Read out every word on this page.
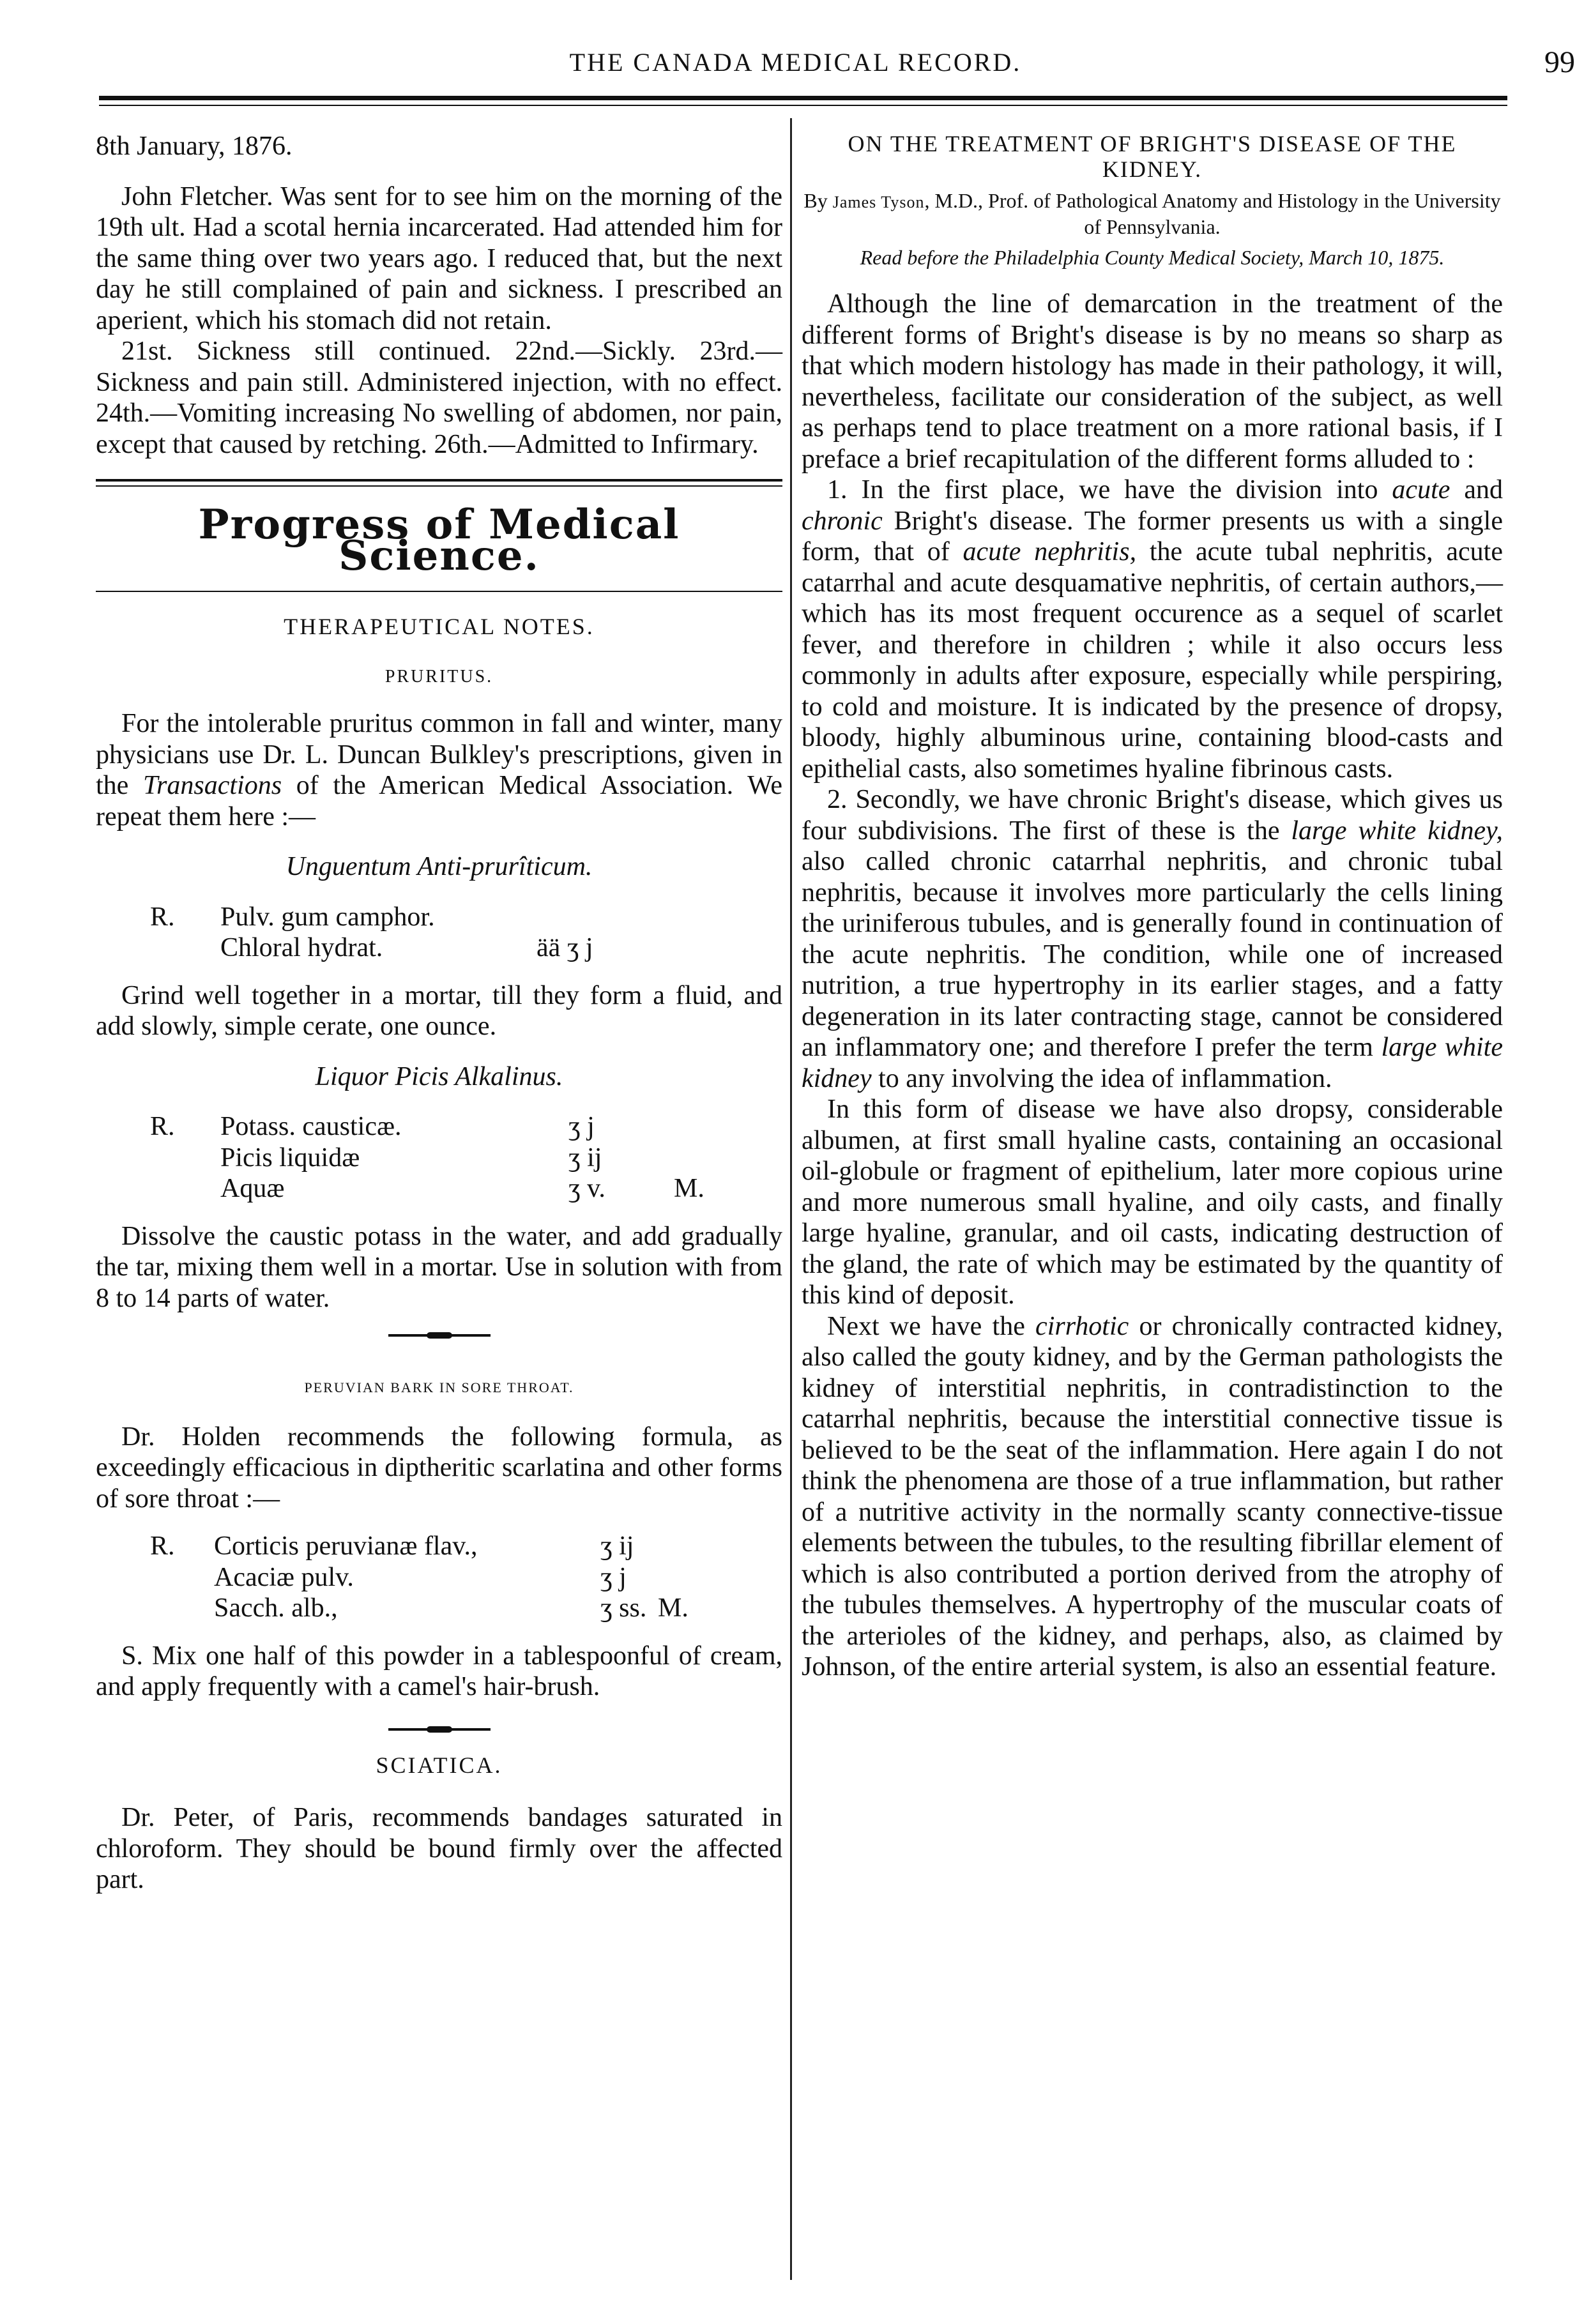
THE CANADA MEDICAL RECORD.	99

8th January, 1876.

John Fletcher. Was sent for to see him on the morning of the 19th ult. Had a scotal hernia incarcerated. Had attended him for the same thing over two years ago. I reduced that, but the next day he still complained of pain and sickness. I prescribed an aperient, which his stomach did not retain.

21st. Sickness still continued. 22nd.—Sickly. 23rd.—Sickness and pain still. Administered injection, with no effect. 24th.—Vomiting increasing No swelling of abdomen, nor pain, except that caused by retching. 26th.—Admitted to Infirmary.

Progress of Medical Science.

THERAPEUTICAL NOTES.

PRURITUS.

For the intolerable pruritus common in fall and winter, many physicians use Dr. L. Duncan Bulkley's prescriptions, given in the Transactions of the American Medical Association. We repeat them here :—

Unguentum Anti-prurîticum.

R. Pulv. gum camphor.
Chloral hydrat.	ää ʒ j

Grind well together in a mortar, till they form a fluid, and add slowly, simple cerate, one ounce.

Liquor Picis Alkalinus.

R. Potass. causticæ.	ʒ j
Picis liquidæ	ʒ ij
Aquæ	ʒ v.	M.

Dissolve the caustic potass in the water, and add gradually the tar, mixing them well in a mortar. Use in solution with from 8 to 14 parts of water.

PERUVIAN BARK IN SORE THROAT.

Dr. Holden recommends the following formula, as exceedingly efficacious in diptheritic scarlatina and other forms of sore throat :—

R. Corticis peruvianæ flav.,	ʒ ij
Acaciæ pulv.	ʒ j
Sacch. alb.,	ʒ ss. M.

S. Mix one half of this powder in a tablespoonful of cream, and apply frequently with a camel's hair-brush.

SCIATICA.

Dr. Peter, of Paris, recommends bandages saturated in chloroform. They should be bound firmly over the affected part.

ON THE TREATMENT OF BRIGHT'S DISEASE OF THE KIDNEY.

By James Tyson, M.D., Prof. of Pathological Anatomy and Histology in the University of Pennsylvania.

Read before the Philadelphia County Medical Society, March 10, 1875.

Although the line of demarcation in the treatment of the different forms of Bright's disease is by no means so sharp as that which modern histology has made in their pathology, it will, nevertheless, facilitate our consideration of the subject, as well as perhaps tend to place treatment on a more rational basis, if I preface a brief recapitulation of the different forms alluded to :

1. In the first place, we have the division into acute and chronic Bright's disease. The former presents us with a single form, that of acute nephritis, the acute tubal nephritis, acute catarrhal and acute desquamative nephritis, of certain authors,— which has its most frequent occurence as a sequel of scarlet fever, and therefore in children ; while it also occurs less commonly in adults after exposure, especially while perspiring, to cold and moisture. It is indicated by the presence of dropsy, bloody, highly albuminous urine, containing blood-casts and epithelial casts, also sometimes hyaline fibrinous casts.

2. Secondly, we have chronic Bright's disease, which gives us four subdivisions. The first of these is the large white kidney, also called chronic catarrhal nephritis, and chronic tubal nephritis, because it involves more particularly the cells lining the uriniferous tubules, and is generally found in continuation of the acute nephritis. The condition, while one of increased nutrition, a true hypertrophy in its earlier stages, and a fatty degeneration in its later contracting stage, cannot be considered an inflammatory one; and therefore I prefer the term large white kidney to any involving the idea of inflammation.

In this form of disease we have also dropsy, considerable albumen, at first small hyaline casts, containing an occasional oil-globule or fragment of epithelium, later more copious urine and more numerous small hyaline, and oily casts, and finally large hyaline, granular, and oil casts, indicating destruction of the gland, the rate of which may be estimated by the quantity of this kind of deposit.

Next we have the cirrhotic or chronically contracted kidney, also called the gouty kidney, and by the German pathologists the kidney of interstitial nephritis, in contradistinction to the catarrhal nephritis, because the interstitial connective tissue is believed to be the seat of the inflammation. Here again I do not think the phenomena are those of a true inflammation, but rather of a nutritive activity in the normally scanty connective-tissue elements between the tubules, to the resulting fibrillar element of which is also contributed a portion derived from the atrophy of the tubules themselves. A hypertrophy of the muscular coats of the arterioles of the kidney, and perhaps, also, as claimed by Johnson, of the entire arterial system, is also an essential feature.
